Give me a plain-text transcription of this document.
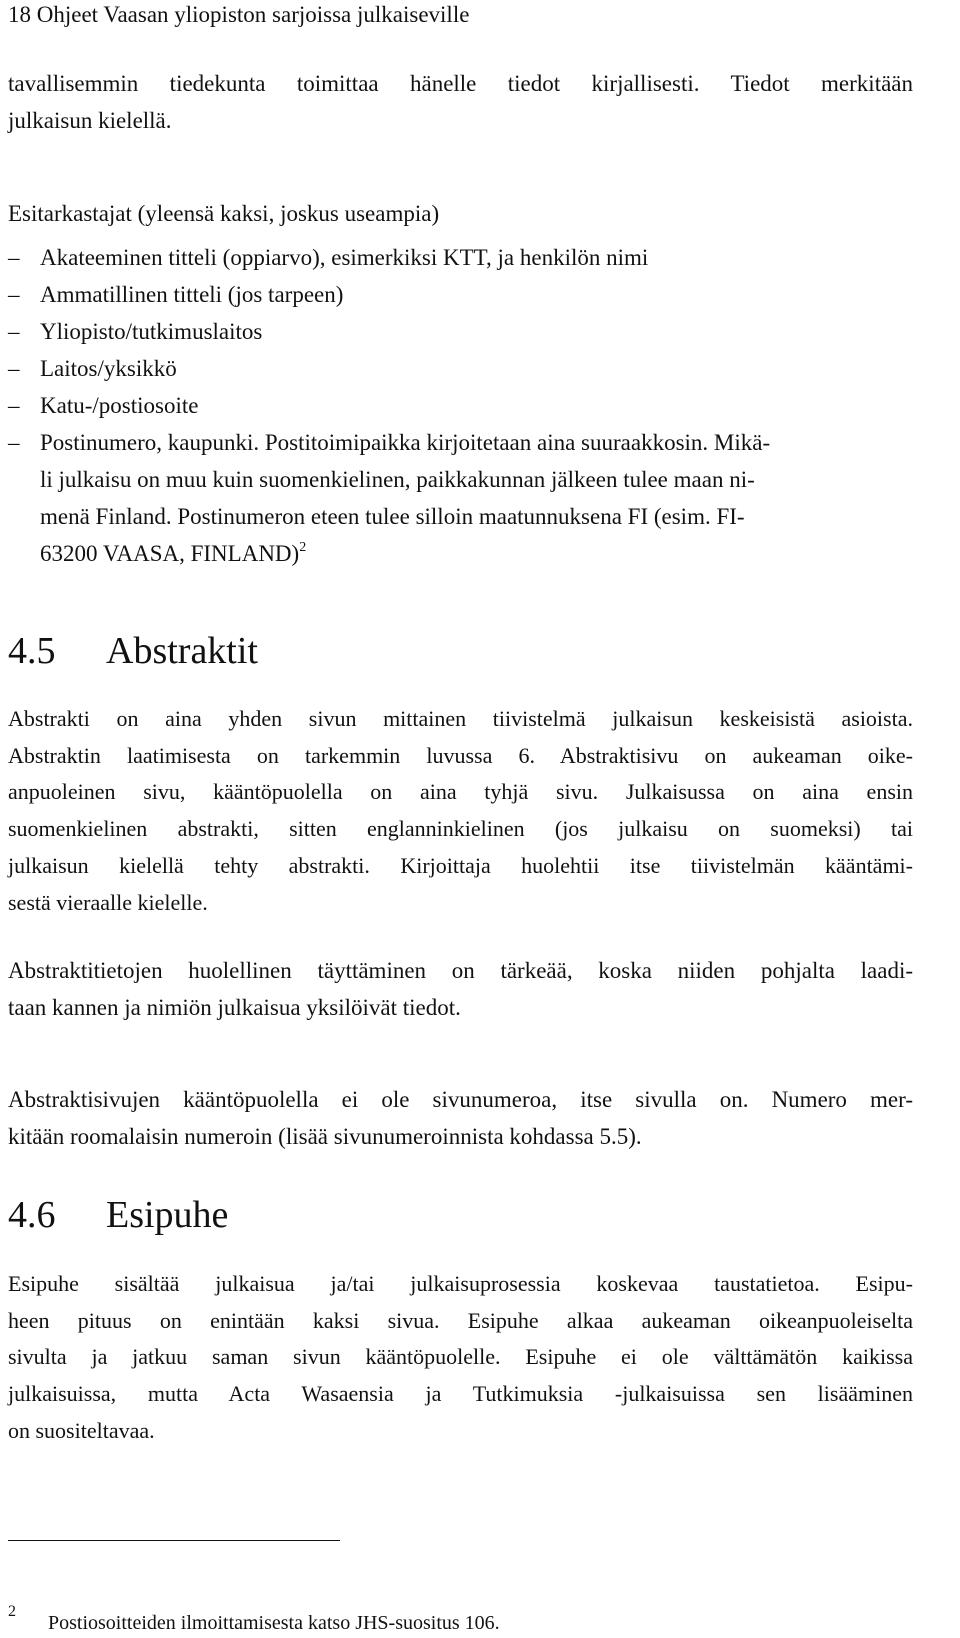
18 Ohjeet Vaasan yliopiston sarjoissa julkaiseville

tavallisemmin tiedekunta toimittaa hänelle tiedot kirjallisesti. Tiedot merkitään
julkaisun kielellä.

Esitarkastajat (yleensä kaksi, joskus useampia)

– Akateeminen titteli (oppiarvo), esimerkiksi KTT, ja henkilön nimi
– Ammatillinen titteli (jos tarpeen)
– Yliopisto/tutkimuslaitos
– Laitos/yksikkö
– Katu-/postiosoite
– Postinumero, kaupunki. Postitoimipaikka kirjoitetaan aina suuraakkosin. Mikä-
li julkaisu on muu kuin suomenkielinen, paikkakunnan jälkeen tulee maan ni-
menä Finland. Postinumeron eteen tulee silloin maatunnuksena FI (esim. FI-
63200 VAASA, FINLAND)$^2$
4.5 Abstraktit

Abstrakti on aina yhden sivun mittainen tiivistelmä julkaisun keskeisistä asioista.
Abstraktin laatimisesta on tarkemmin luvussa 6. Abstraktisivu on aukeaman oike-
anpuoleinen sivu, kääntöpuolella on aina tyhjä sivu. Julkaisussa on aina ensin
suomenkielinen abstrakti, sitten englanninkielinen (jos julkaisu on suomeksi) tai
julkaisun kielellä tehty abstrakti. Kirjoittaja huolehtii itse tiivistelmän kääntämi-
sestä vieraalle kielelle.

Abstraktitietojen huolellinen täyttäminen on tärkeää, koska niiden pohjalta laadi-
taan kannen ja nimiön julkaisua yksilöivät tiedot.

Abstraktisivujen kääntöpuolella ei ole sivunumeroa, itse sivulla on. Numero mer-
kitään roomalaisin numeroin (lisää sivunumeroinnista kohdassa 5.5).

4.6 Esipuhe

Esipuhe sisältää julkaisua ja/tai julkaisuprosessia koskevaa taustatietoa. Esipu-
heen pituus on enintään kaksi sivua. Esipuhe alkaa aukeaman oikeanpuoleiselta
sivulta ja jatkuu saman sivun kääntöpuolelle. Esipuhe ei ole välttämätön kaikissa
julkaisuissa, mutta Acta Wasaensia ja Tutkimuksia -julkaisuissa sen lisääminen
on suositeltavaa.

2
Postiosoitteiden ilmoittamisesta katso JHS-suositus 106.
